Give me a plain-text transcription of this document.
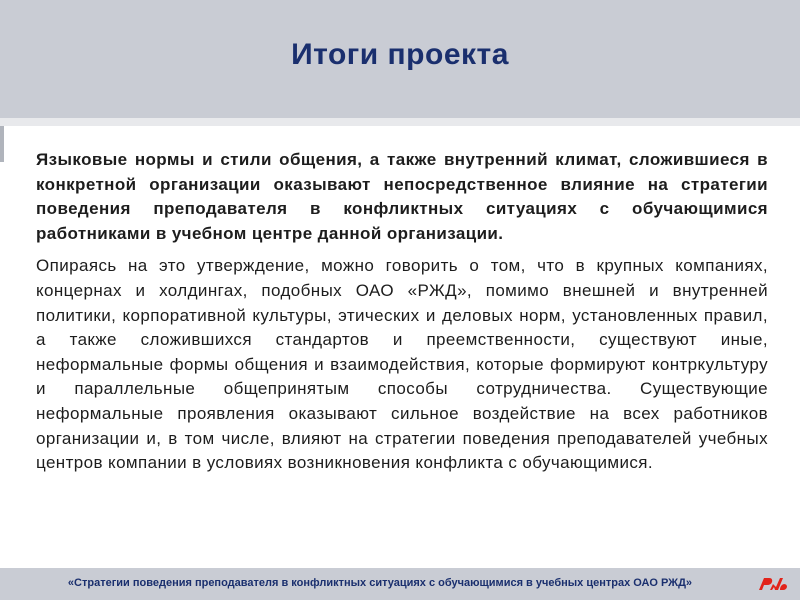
Итоги проекта

Языковые нормы и стили общения, а также внутренний климат, сложившиеся в конкретной организации оказывают непосредственное влияние на стратегии поведения преподавателя в конфликтных ситуациях с обучающимися работниками в учебном центре данной организации.

Опираясь на это утверждение, можно говорить о том, что в крупных компаниях, концернах и холдингах, подобных ОАО «РЖД», помимо внешней и внутренней политики, корпоративной культуры, этических и деловых норм, установленных правил, а также сложившихся стандартов и преемственности, существуют иные, неформальные формы общения и взаимодействия, которые формируют контркультуру и параллельные общепринятым способы сотрудничества. Существующие неформальные проявления оказывают сильное воздействие на всех работников организации и, в том числе, влияют на стратегии поведения преподавателей учебных центров компании в условиях возникновения конфликта с обучающимися.

«Стратегии поведения преподавателя в конфликтных ситуациях с обучающимися в учебных центрах ОАО РЖД»
